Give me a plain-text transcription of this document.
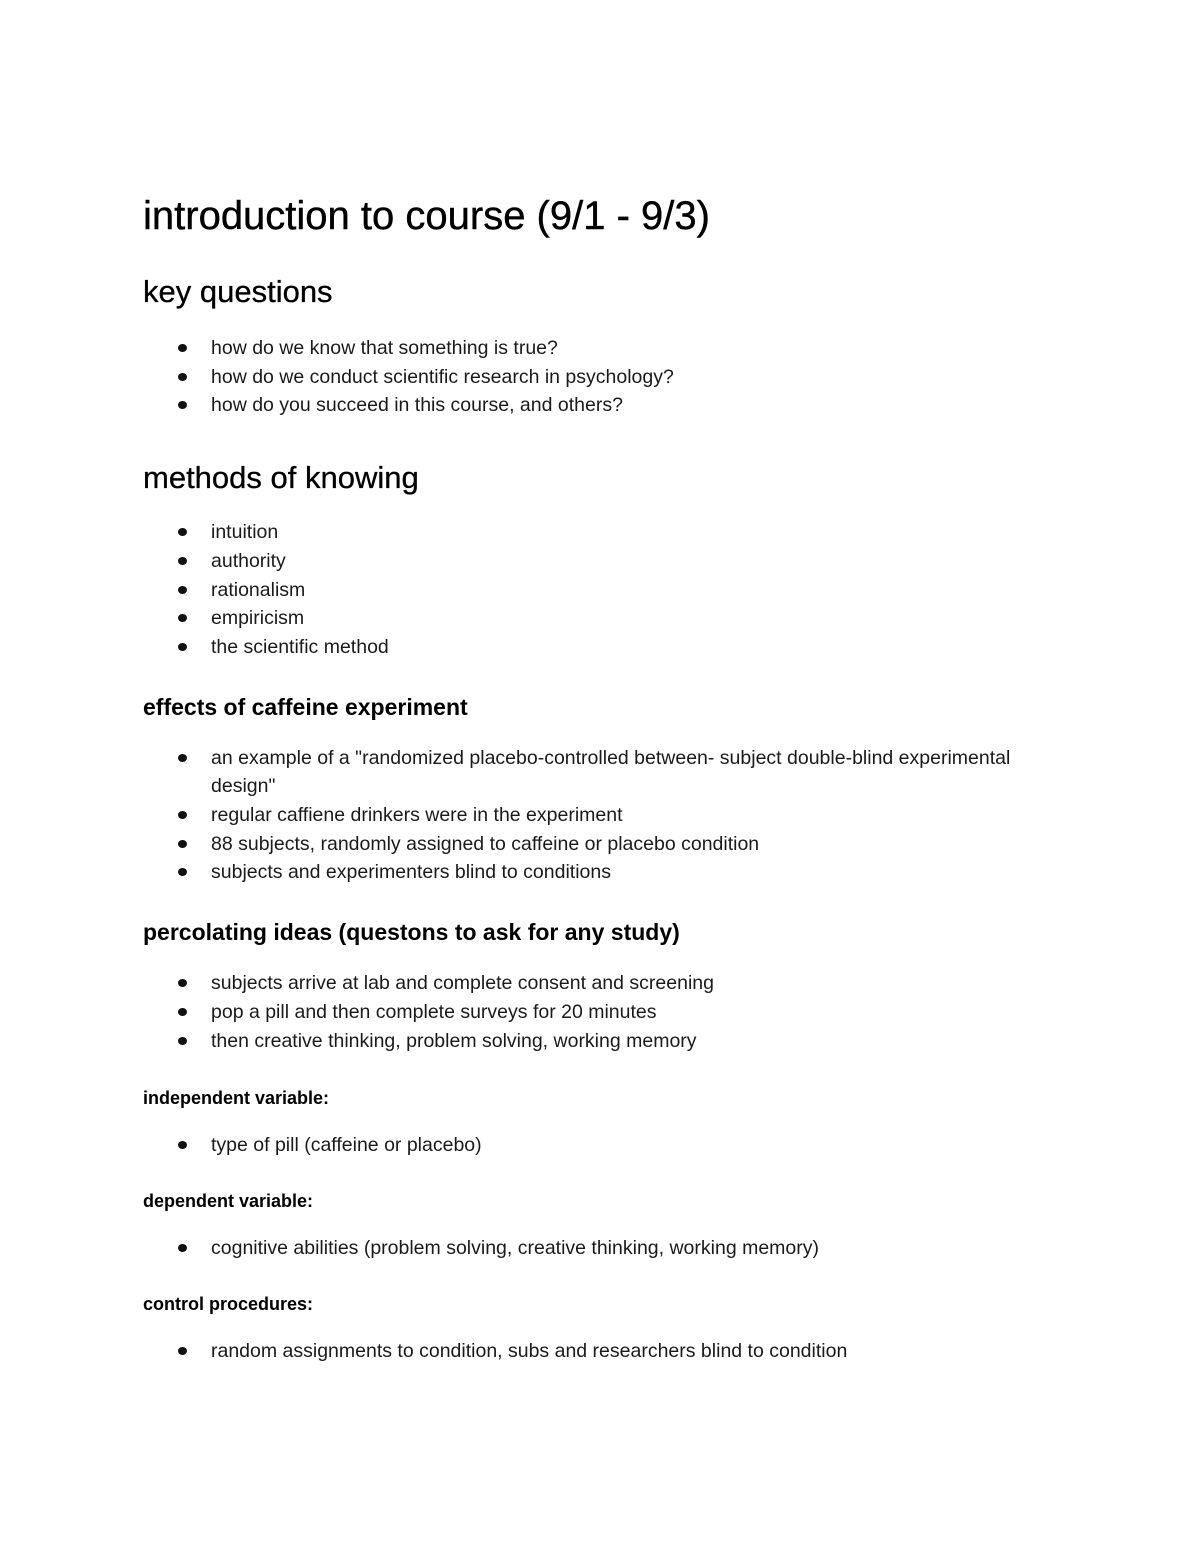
introduction to course (9/1 - 9/3)
key questions
how do we know that something is true?
how do we conduct scientific research in psychology?
how do you succeed in this course, and others?
methods of knowing
intuition
authority
rationalism
empiricism
the scientific method
effects of caffeine experiment
an example of a "randomized placebo-controlled between- subject double-blind experimental design"
regular caffiene drinkers were in the experiment
88 subjects, randomly assigned to caffeine or placebo condition
subjects and experimenters blind to conditions
percolating ideas (questons to ask for any study)
subjects arrive at lab and complete consent and screening
pop a pill and then complete surveys for 20 minutes
then creative thinking, problem solving, working memory
independent variable:
type of pill (caffeine or placebo)
dependent variable:
cognitive abilities (problem solving, creative thinking, working memory)
control procedures:
random assignments to condition, subs and researchers blind to condition
